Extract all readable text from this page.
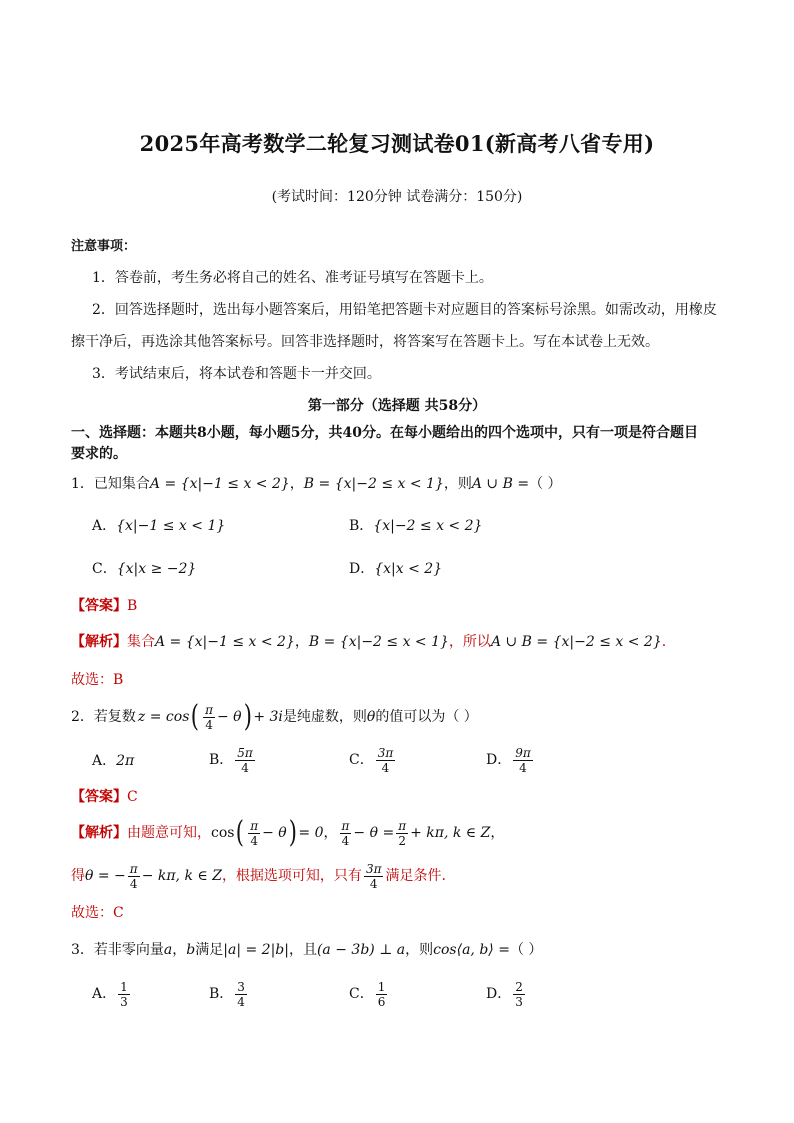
2025年高考数学二轮复习测试卷01(新高考八省专用)
(考试时间：120分钟 试卷满分：150分)
注意事项：
1．答卷前，考生务必将自己的姓名、准考证号填写在答题卡上。
2．回答选择题时，选出每小题答案后，用铅笔把答题卡对应题目的答案标号涂黑。如需改动，用橡皮
擦干净后，再选涂其他答案标号。回答非选择题时，将答案写在答题卡上。写在本试卷上无效。
3．考试结束后，将本试卷和答题卡一并交回。
第一部分（选择题 共58分）
一、选择题：本题共8小题，每小题5分，共40分。在每小题给出的四个选项中，只有一项是符合题目
要求的。
1．已知集合A = {x|−1 ≤ x < 2}，B = {x|−2 ≤ x < 1}，则A ∪ B =（ ）
A．{x|−1 ≤ x < 1}	B．{x|−2 ≤ x < 2}
C．{x|x ≥ −2}	D．{x|x < 2}
【答案】B
【解析】集合A = {x|−1 ≤ x < 2}，B = {x|−2 ≤ x < 1}，所以A ∪ B = {x|−2 ≤ x < 2}.
故选：B
2．若复数 z = cos ( $\frac{\pi}{4} - \theta$ ) + 3i 是纯虚数，则 θ 的值可以为（ ）
A．2π	B． $\frac{5\pi}{4}$	C． $\frac{3\pi}{4}$	D． $\frac{9\pi}{4}$
【答案】C
【解析】 由题意可知， cos ( $\frac{\pi}{4} - \theta$ ) = 0 ， $\frac{\pi}{4} - \theta = \frac{\pi}{2} + k\pi$, k ∈ Z ，
得 θ = − $\frac{\pi}{4} - k\pi$, k ∈ Z ，根据选项可知，只有 $\frac{3\pi}{4}$ 满足条件.
故选：C
3．若非零向量a，b满足|a| = 2|b|，且(a − 3b) ⊥ a，则cos⟨a, b⟩ =（ ）
A． $\frac{1}{3}$	B． $\frac{3}{4}$	C． $\frac{1}{6}$	D． $\frac{2}{3}$
